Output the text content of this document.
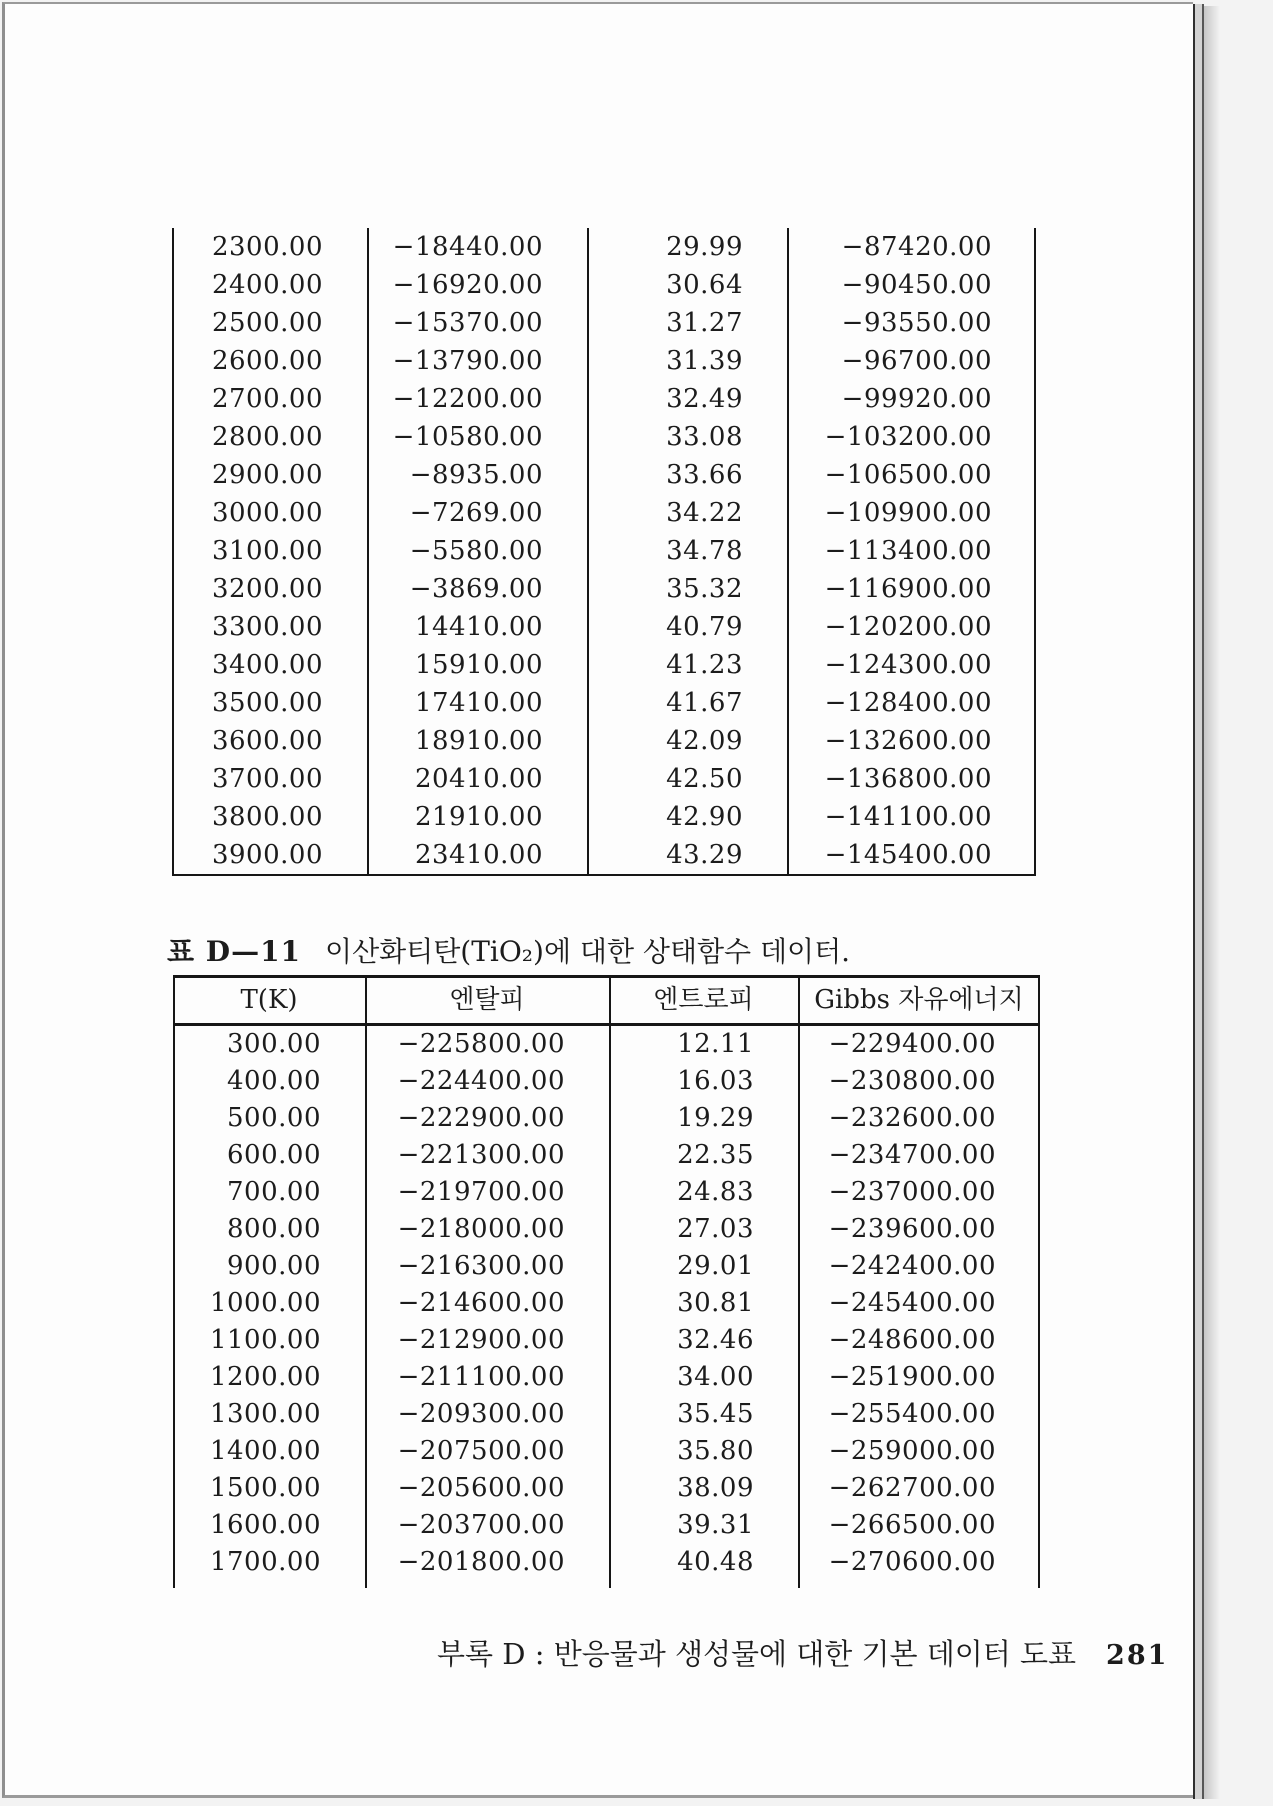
2300.00	−18440.00	29.99	−87420.00
2400.00	−16920.00	30.64	−90450.00
2500.00	−15370.00	31.27	−93550.00
2600.00	−13790.00	31.39	−96700.00
2700.00	−12200.00	32.49	−99920.00
2800.00	−10580.00	33.08	−103200.00
2900.00	−8935.00	33.66	−106500.00
3000.00	−7269.00	34.22	−109900.00
3100.00	−5580.00	34.78	−113400.00
3200.00	−3869.00	35.32	−116900.00
3300.00	14410.00	40.79	−120200.00
3400.00	15910.00	41.23	−124300.00
3500.00	17410.00	41.67	−128400.00
3600.00	18910.00	42.09	−132600.00
3700.00	20410.00	42.50	−136800.00
3800.00	21910.00	42.90	−141100.00
3900.00	23410.00	43.29	−145400.00
표 D—11 이산화티탄(TiO₂)에 대한 상태함수 데이터.
T(K)	엔탈피	엔트로피	Gibbs 자유에너지
300.00	−225800.00	12.11	−229400.00
400.00	−224400.00	16.03	−230800.00
500.00	−222900.00	19.29	−232600.00
600.00	−221300.00	22.35	−234700.00
700.00	−219700.00	24.83	−237000.00
800.00	−218000.00	27.03	−239600.00
900.00	−216300.00	29.01	−242400.00
1000.00	−214600.00	30.81	−245400.00
1100.00	−212900.00	32.46	−248600.00
1200.00	−211100.00	34.00	−251900.00
1300.00	−209300.00	35.45	−255400.00
1400.00	−207500.00	35.80	−259000.00
1500.00	−205600.00	38.09	−262700.00
1600.00	−203700.00	39.31	−266500.00
1700.00	−201800.00	40.48	−270600.00
부록 D : 반응물과 생성물에 대한 기본 데이터 도표 281
